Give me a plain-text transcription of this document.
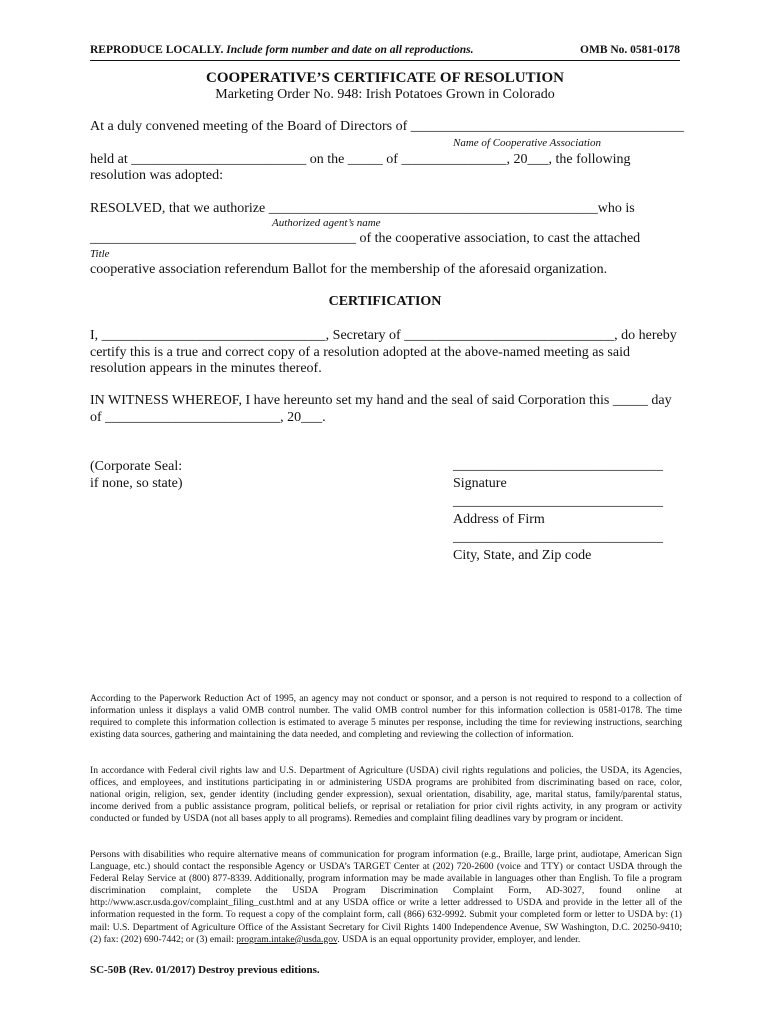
REPRODUCE LOCALLY. Include form number and date on all reproductions.	OMB No. 0581-0178
COOPERATIVE’S CERTIFICATE OF RESOLUTION
Marketing Order No. 948: Irish Potatoes Grown in Colorado
At a duly convened meeting of the Board of Directors of _______________________________________
Name of Cooperative Association
held at _________________________ on the _____ of _______________, 20___, the following
resolution was adopted:
RESOLVED, that we authorize _______________________________________________who is
Authorized agent’s name
______________________________________ of the cooperative association, to cast the attached
Title
cooperative association referendum Ballot for the membership of the aforesaid organization.
CERTIFICATION
I, ________________________________, Secretary of ______________________________, do hereby
certify this is a true and correct copy of a resolution adopted at the above-named meeting as said
resolution appears in the minutes thereof.
IN WITNESS WHEREOF, I have hereunto set my hand and the seal of said Corporation this _____ day
of _________________________, 20___.
(Corporate Seal:
if none, so state)
______________________________
Signature
______________________________
Address of Firm
______________________________
City, State, and Zip code
According to the Paperwork Reduction Act of 1995, an agency may not conduct or sponsor, and a person is not required to respond to a collection of information unless it displays a valid OMB control number. The valid OMB control number for this information collection is 0581-0178. The time required to complete this information collection is estimated to average 5 minutes per response, including the time for reviewing instructions, searching existing data sources, gathering and maintaining the data needed, and completing and reviewing the collection of information.
In accordance with Federal civil rights law and U.S. Department of Agriculture (USDA) civil rights regulations and policies, the USDA, its Agencies, offices, and employees, and institutions participating in or administering USDA programs are prohibited from discriminating based on race, color, national origin, religion, sex, gender identity (including gender expression), sexual orientation, disability, age, marital status, family/parental status, income derived from a public assistance program, political beliefs, or reprisal or retaliation for prior civil rights activity, in any program or activity conducted or funded by USDA (not all bases apply to all programs). Remedies and complaint filing deadlines vary by program or incident.
Persons with disabilities who require alternative means of communication for program information (e.g., Braille, large print, audiotape, American Sign Language, etc.) should contact the responsible Agency or USDA’s TARGET Center at (202) 720-2600 (voice and TTY) or contact USDA through the Federal Relay Service at (800) 877-8339. Additionally, program information may be made available in languages other than English. To file a program discrimination complaint, complete the USDA Program Discrimination Complaint Form, AD-3027, found online at http://www.ascr.usda.gov/complaint_filing_cust.html and at any USDA office or write a letter addressed to USDA and provide in the letter all of the information requested in the form. To request a copy of the complaint form, call (866) 632-9992. Submit your completed form or letter to USDA by: (1) mail: U.S. Department of Agriculture Office of the Assistant Secretary for Civil Rights 1400 Independence Avenue, SW Washington, D.C. 20250-9410; (2) fax: (202) 690-7442; or (3) email: program.intake@usda.gov. USDA is an equal opportunity provider, employer, and lender.
SC-50B (Rev. 01/2017) Destroy previous editions.
